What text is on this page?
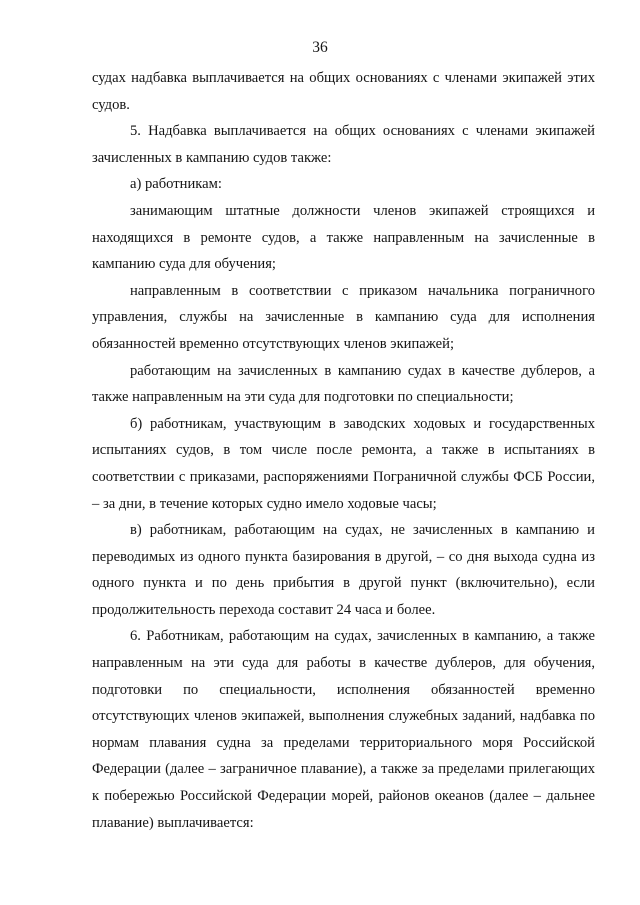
36

судах надбавка выплачивается на общих основаниях с членами экипажей этих судов.

5. Надбавка выплачивается на общих основаниях с членами экипажей зачисленных в кампанию судов также:

а) работникам:

занимающим штатные должности членов экипажей строящихся и находящихся в ремонте судов, а также направленным на зачисленные в кампанию суда для обучения;

направленным в соответствии с приказом начальника пограничного управления, службы на зачисленные в кампанию суда для исполнения обязанностей временно отсутствующих членов экипажей;

работающим на зачисленных в кампанию судах в качестве дублеров, а также направленным на эти суда для подготовки по специальности;

б) работникам, участвующим в заводских ходовых и государственных испытаниях судов, в том числе после ремонта, а также в испытаниях в соответствии с приказами, распоряжениями Пограничной службы ФСБ России, – за дни, в течение которых судно имело ходовые часы;

в) работникам, работающим на судах, не зачисленных в кампанию и переводимых из одного пункта базирования в другой, – со дня выхода судна из одного пункта и по день прибытия в другой пункт (включительно), если продолжительность перехода составит 24 часа и более.

6. Работникам, работающим на судах, зачисленных в кампанию, а также направленным на эти суда для работы в качестве дублеров, для обучения, подготовки по специальности, исполнения обязанностей временно отсутствующих членов экипажей, выполнения служебных заданий, надбавка по нормам плавания судна за пределами территориального моря Российской Федерации (далее – заграничное плавание), а также за пределами прилегающих к побережью Российской Федерации морей, районов океанов (далее – дальнее плавание) выплачивается:
